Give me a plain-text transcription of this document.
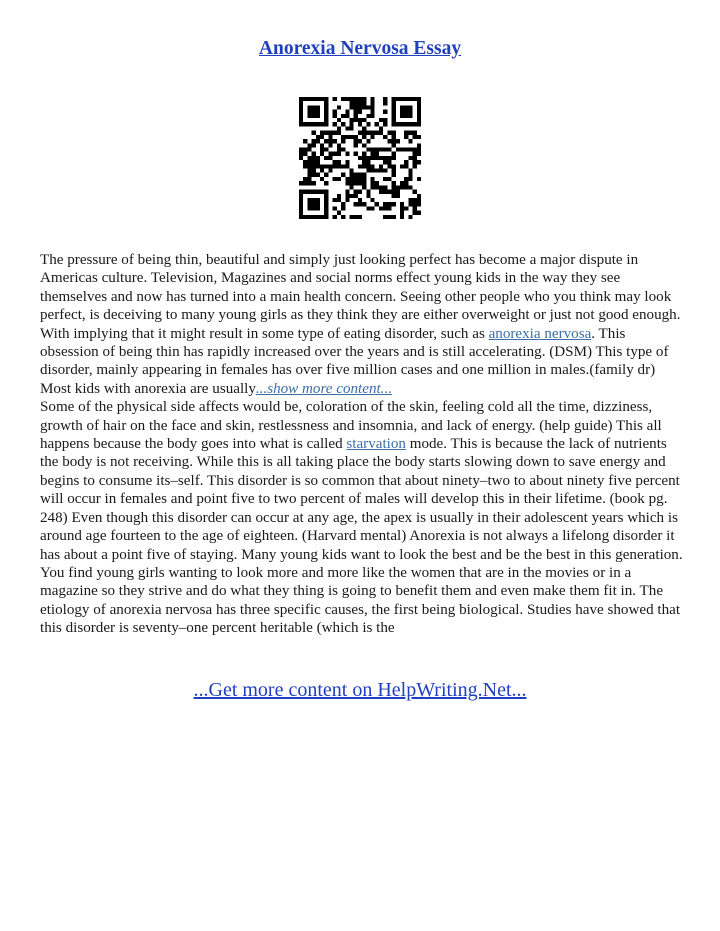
Anorexia Nervosa Essay

The pressure of being thin, beautiful and simply just looking perfect has become a major dispute in Americas culture. Television, Magazines and social norms effect young kids in the way they see themselves and now has turned into a main health concern. Seeing other people who you think may look perfect, is deceiving to many young girls as they think they are either overweight or just not good enough. With implying that it might result in some type of eating disorder, such as anorexia nervosa. This obsession of being thin has rapidly increased over the years and is still accelerating. (DSM) This type of disorder, mainly appearing in females has over five million cases and one million in males.(family dr) Most kids with anorexia are usually...show more content...
Some of the physical side affects would be, coloration of the skin, feeling cold all the time, dizziness, growth of hair on the face and skin, restlessness and insomnia, and lack of energy. (help guide) This all happens because the body goes into what is called starvation mode. This is because the lack of nutrients the body is not receiving. While this is all taking place the body starts slowing down to save energy and begins to consume its–self. This disorder is so common that about ninety–two to about ninety five percent will occur in females and point five to two percent of males will develop this in their lifetime. (book pg. 248) Even though this disorder can occur at any age, the apex is usually in their adolescent years which is around age fourteen to the age of eighteen. (Harvard mental) Anorexia is not always a lifelong disorder it has about a point five of staying. Many young kids want to look the best and be the best in this generation. You find young girls wanting to look more and more like the women that are in the movies or in a magazine so they strive and do what they thing is going to benefit them and even make them fit in. The etiology of anorexia nervosa has three specific causes, the first being biological. Studies have showed that this disorder is seventy–one percent heritable (which is the

...Get more content on HelpWriting.Net...
